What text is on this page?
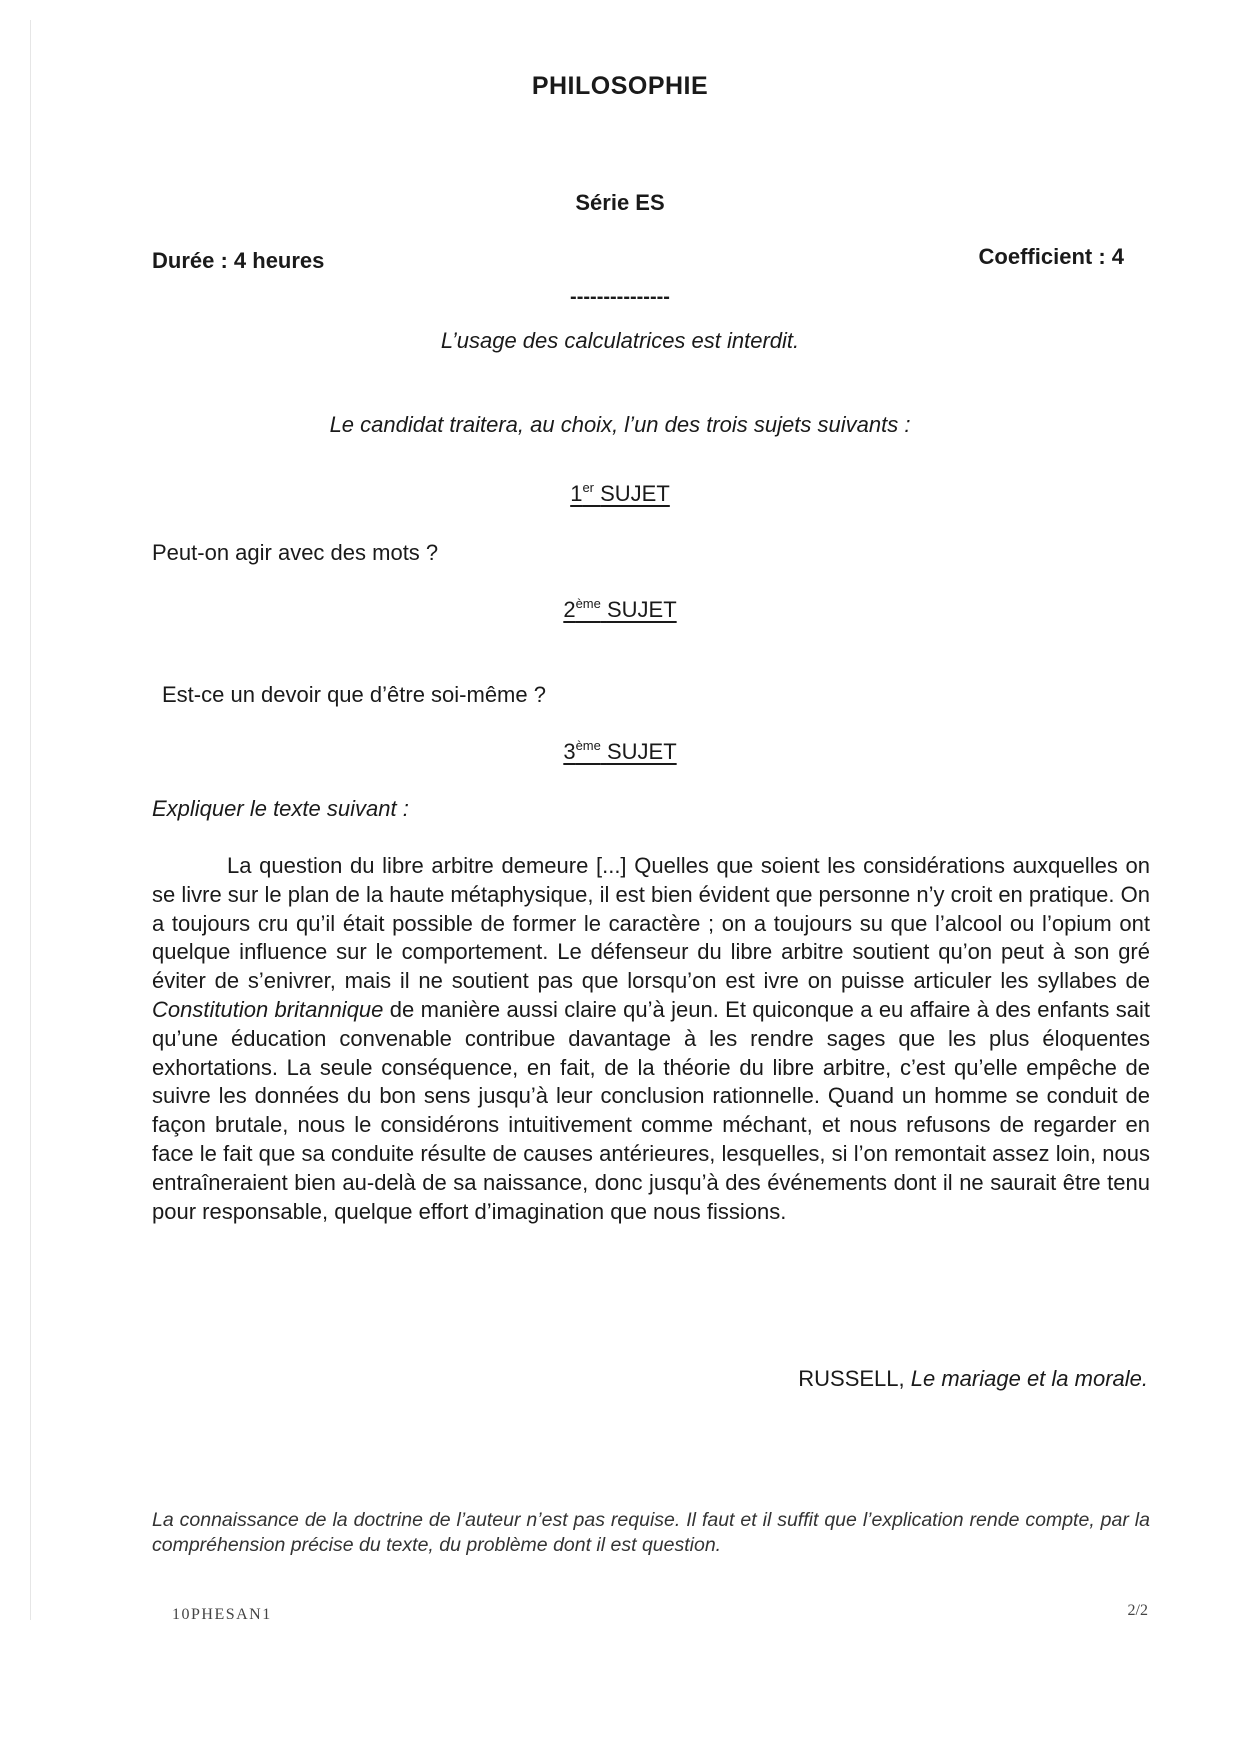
PHILOSOPHIE
Série ES
Durée : 4 heures	Coefficient : 4
---------------
L’usage des calculatrices est interdit.
Le candidat traitera, au choix, l’un des trois sujets suivants :
1er SUJET
Peut-on agir avec des mots ?
2ème SUJET
Est-ce un devoir que d’être soi-même ?
3ème SUJET
Expliquer le texte suivant :
La question du libre arbitre demeure [...] Quelles que soient les considérations auxquelles on se livre sur le plan de la haute métaphysique, il est bien évident que personne n’y croit en pratique. On a toujours cru qu’il était possible de former le caractère ; on a toujours su que l’alcool ou l’opium ont quelque influence sur le comportement. Le défenseur du libre arbitre soutient qu’on peut à son gré éviter de s’enivrer, mais il ne soutient pas que lorsqu’on est ivre on puisse articuler les syllabes de Constitution britannique de manière aussi claire qu’à jeun. Et quiconque a eu affaire à des enfants sait qu’une éducation convenable contribue davantage à les rendre sages que les plus éloquentes exhortations. La seule conséquence, en fait, de la théorie du libre arbitre, c’est qu’elle empêche de suivre les données du bon sens jusqu’à leur conclusion rationnelle. Quand un homme se conduit de façon brutale, nous le considérons intuitivement comme méchant, et nous refusons de regarder en face le fait que sa conduite résulte de causes antérieures, lesquelles, si l’on remontait assez loin, nous entraîneraient bien au-delà de sa naissance, donc jusqu’à des événements dont il ne saurait être tenu pour responsable, quelque effort d’imagination que nous fissions.
RUSSELL, Le mariage et la morale.
La connaissance de la doctrine de l’auteur n’est pas requise. Il faut et il suffit que l’explication rende compte, par la compréhension précise du texte, du problème dont il est question.
10PHESAN1	2/2
